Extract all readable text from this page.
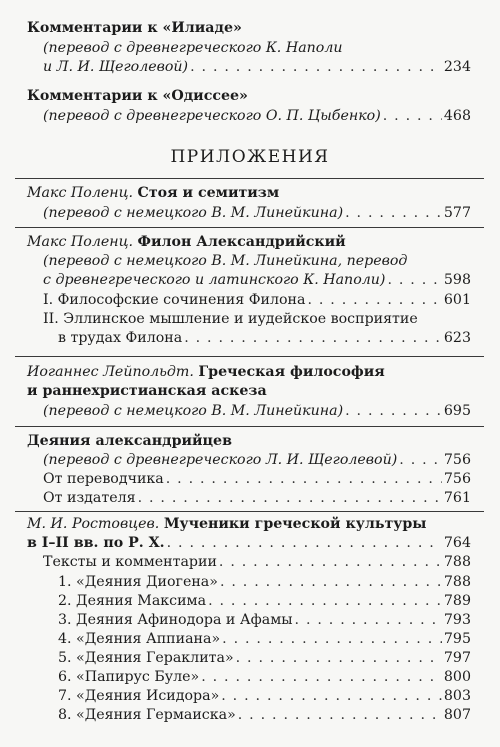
Комментарии к «Илиаде»
(перевод с древнегреческого К. Наполи
и Л. И. Щеголевой) . . .	234
Комментарии к «Одиссее»
(перевод с древнегреческого О. П. Цыбенко) . . .	468
ПРИЛОЖЕНИЯ
Макс Поленц. Стоя и семитизм
(перевод с немецкого В. М. Линейкина) . . .	577
Макс Поленц. Филон Александрийский
(перевод с немецкого В. М. Линейкина, перевод
с древнегреческого и латинского К. Наполи) . . .	598
I. Философские сочинения Филона . . .	601
II. Эллинское мышление и иудейское восприятие
в трудах Филона . . .	623
Иоганнес Лейпольдт. Греческая философия
и раннехристианская аскеза
(перевод с немецкого В. М. Линейкина) . . .	695
Деяния александрийцев
(перевод с древнегреческого Л. И. Щеголевой) . . .	756
От переводчика . . .	756
От издателя . . .	761
М. И. Ростовцев. Мученики греческой культуры
в I–II вв. по Р. Х. . . .	764
Тексты и комментарии . . .	788
1. «Деяния Диогена» . . .	788
2. Деяния Максима . . .	789
3. Деяния Афинодора и Афамы . . .	793
4. «Деяния Аппиана» . . .	795
5. «Деяния Гераклита» . . .	797
6. «Папирус Буле» . . .	800
7. «Деяния Исидора» . . .	803
8. «Деяния Гермаиска» . . .	807
